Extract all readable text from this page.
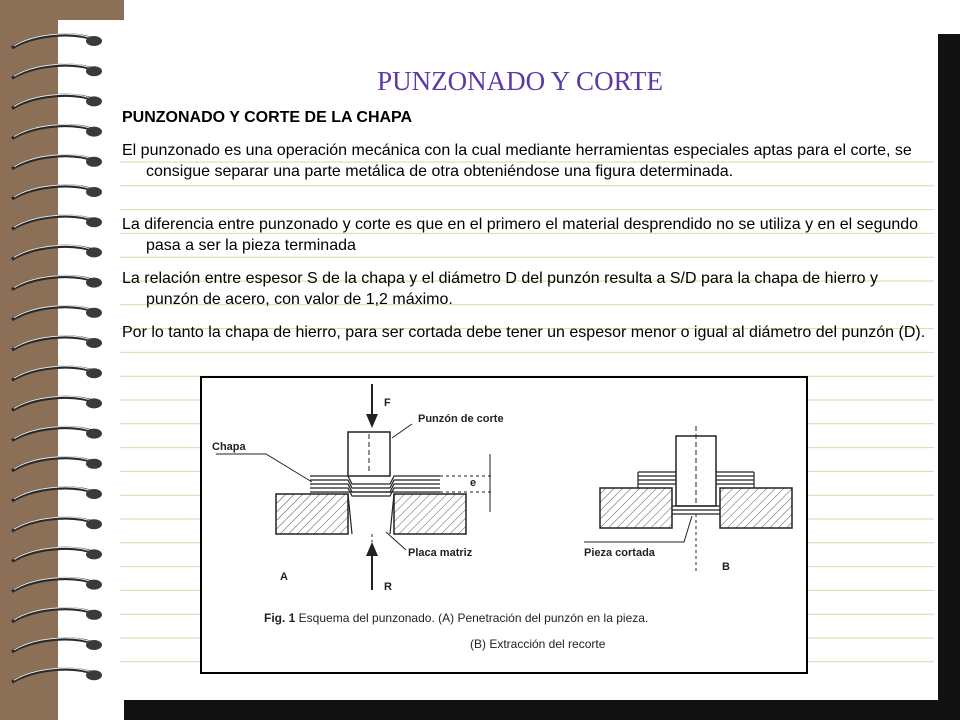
PUNZONADO Y CORTE
PUNZONADO Y CORTE DE LA CHAPA

El punzonado es una operación mecánica con la cual mediante herramientas especiales aptas para el corte, se consigue separar una parte metálica de otra obteniéndose una figura determinada.

La diferencia entre punzonado y corte es que en el primero el material desprendido no se utiliza y en el segundo pasa a ser la pieza terminada

La relación entre espesor S de la chapa y el diámetro D del punzón resulta a S/D para la chapa de hierro y punzón de acero, con valor de 1,2 máximo.

Por lo tanto la chapa de hierro, para ser cortada debe tener un espesor menor o igual al diámetro del punzón (D).

F
Punzón de corte
Chapa
e
Placa matriz
R
A
Pieza cortada
B
Fig. 1 Esquema del punzonado. (A) Penetración del punzón en la pieza.
(B) Extracción del recorte
